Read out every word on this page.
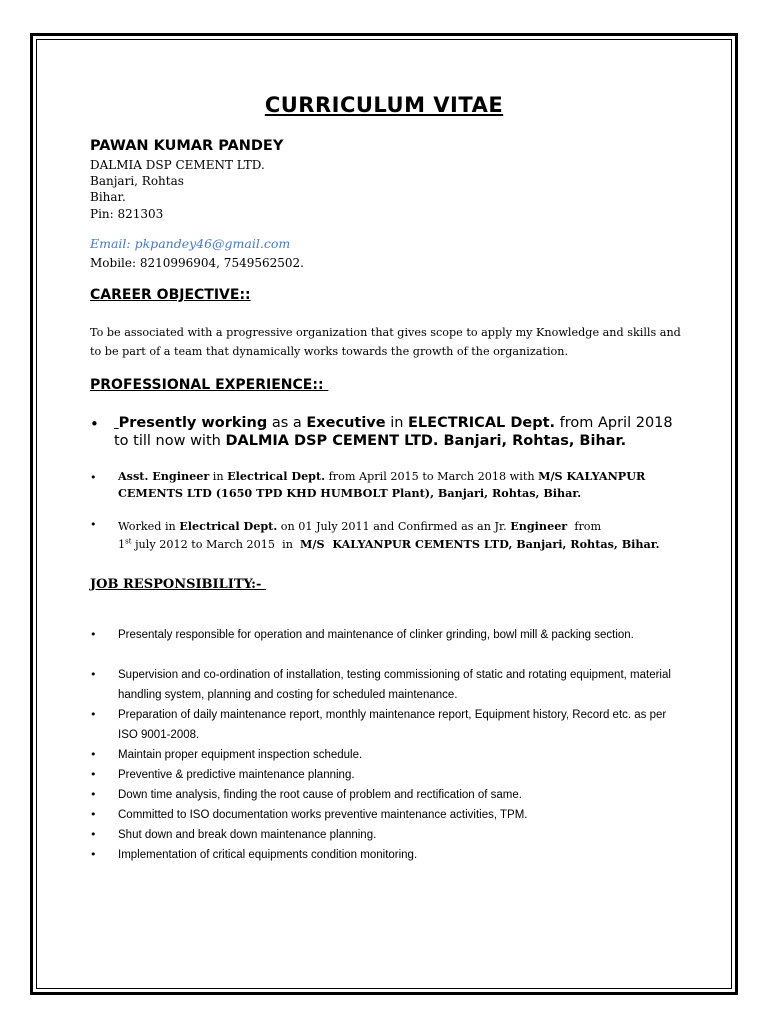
CURRICULUM VITAE
PAWAN KUMAR PANDEY
DALMIA DSP CEMENT LTD.
Banjari, Rohtas
Bihar.
Pin: 821303
Email: pkpandey46@gmail.com
Mobile: 8210996904, 7549562502.
CAREER OBJECTIVE::
To be associated with a progressive organization that gives scope to apply my Knowledge and skills and to be part of a team that dynamically works towards the growth of the organization.
PROFESSIONAL EXPERIENCE::
•	Presently working as a Executive in ELECTRICAL Dept. from April 2018 to till now with DALMIA DSP CEMENT LTD. Banjari, Rohtas, Bihar.
• Asst. Engineer in Electrical Dept. from April 2015 to March 2018 with M/S KALYANPUR CEMENTS LTD (1650 TPD KHD HUMBOLT Plant), Banjari, Rohtas, Bihar.
• Worked in Electrical Dept. on 01 July 2011 and Confirmed as an Jr. Engineer  from
1st july 2012 to March 2015  in  M/S  KALYANPUR CEMENTS LTD, Banjari, Rohtas, Bihar.
JOB RESPONSIBILITY:-
• Presentaly responsible for operation and maintenance of clinker grinding, bowl mill & packing section.
• Supervision and co-ordination of installation, testing commissioning of static and rotating equipment, material handling system, planning and costing for scheduled maintenance.
• Preparation of daily maintenance report, monthly maintenance report, Equipment history, Record etc. as per ISO 9001-2008.
• Maintain proper equipment inspection schedule.
• Preventive & predictive maintenance planning.
• Down time analysis, finding the root cause of problem and rectification of same.
• Committed to ISO documentation works preventive maintenance activities, TPM.
• Shut down and break down maintenance planning.
• Implementation of critical equipments condition monitoring.
